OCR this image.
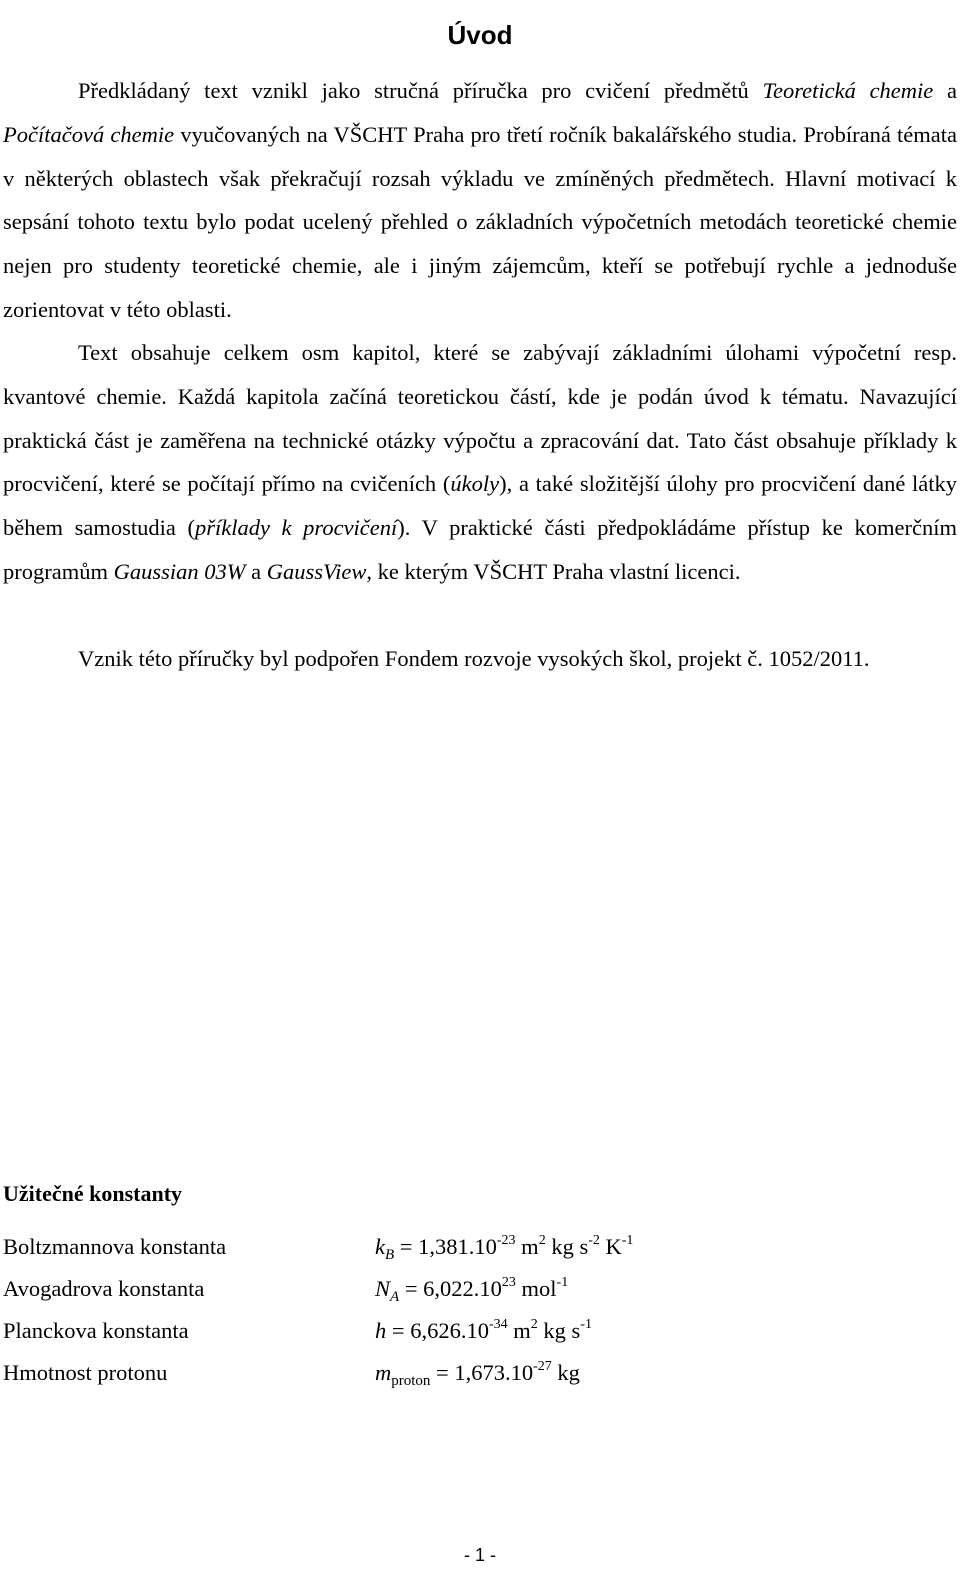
Úvod

Předkládaný text vznikl jako stručná příručka pro cvičení předmětů Teoretická chemie a Počítačová chemie vyučovaných na VŠCHT Praha pro třetí ročník bakalářského studia. Probíraná témata v některých oblastech však překračují rozsah výkladu ve zmíněných předmětech. Hlavní motivací k sepsání tohoto textu bylo podat ucelený přehled o základních výpočetních metodách teoretické chemie nejen pro studenty teoretické chemie, ale i jiným zájemcům, kteří se potřebují rychle a jednoduše zorientovat v této oblasti.

Text obsahuje celkem osm kapitol, které se zabývají základními úlohami výpočetní resp. kvantové chemie. Každá kapitola začíná teoretickou částí, kde je podán úvod k tématu. Navazující praktická část je zaměřena na technické otázky výpočtu a zpracování dat. Tato část obsahuje příklady k procvičení, které se počítají přímo na cvičeních (úkoly), a také složitější úlohy pro procvičení dané látky během samostudia (příklady k procvičení). V praktické části předpokládáme přístup ke komerčním programům Gaussian 03W a GaussView, ke kterým VŠCHT Praha vlastní licenci.

Vznik této příručky byl podpořen Fondem rozvoje vysokých škol, projekt č. 1052/2011.

Užitečné konstanty
Boltzmannova konstanta	$k_B = 1,381.10^{-23}$ $m^2$ kg $s^{-2}$ $K^{-1}$
Avogadrova konstanta	$N_A = 6,022.10^{23}$ mol$^{-1}$
Planckova konstanta	$h = 6,626.10^{-34}$ $m^2$ kg $s^{-1}$
Hmotnost protonu	$m_{proton} = 1,673.10^{-27}$ kg
- 1 -
